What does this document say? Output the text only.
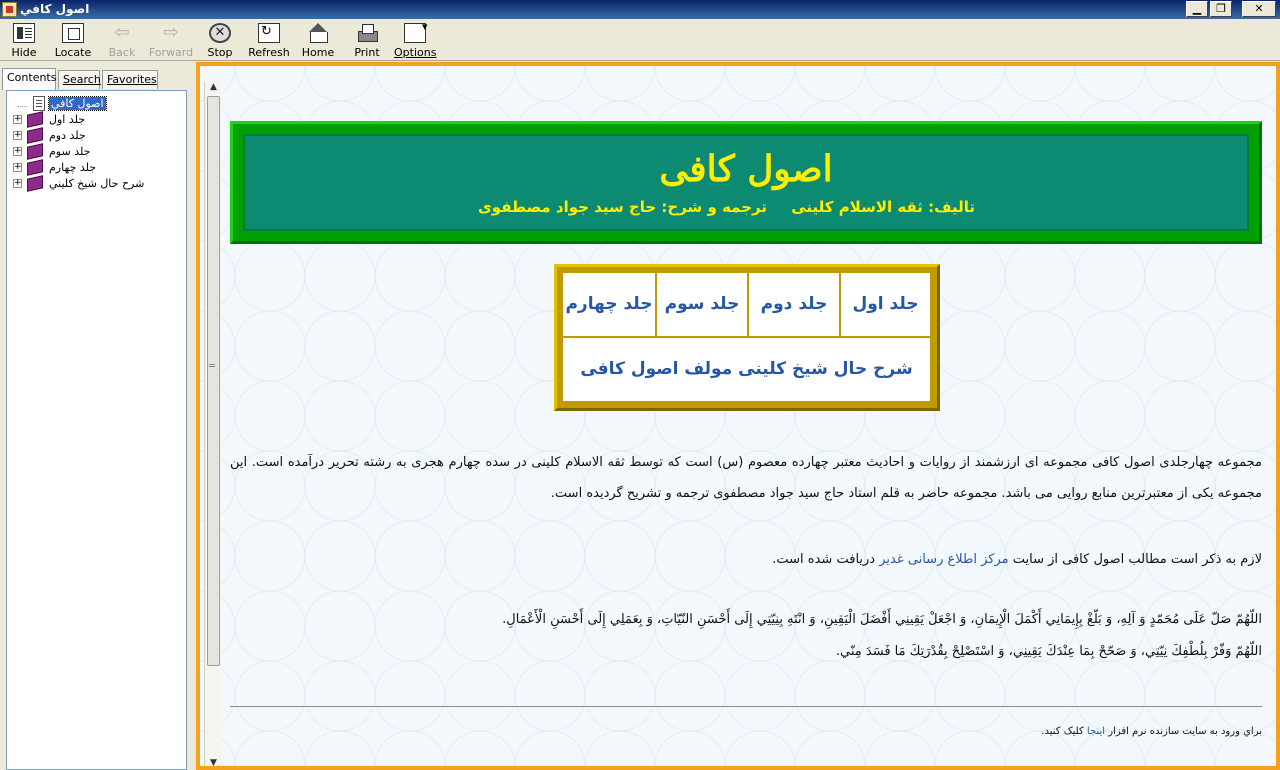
اصول كافي	▁	❐	✕
Hide	Locate
⇦
Back
⇨
Forward
✕
Stop
↻	Refresh Home	Print
▾	Options
Contents Search Favorites
اصول كافي
+ جلد اول
+ جلد دوم
+ جلد سوم
+ جلد چهارم
+ شرح حال شيخ كليني
▲
═
▼
اصول كافى
تاليف: ثقه الاسلام كلينى
ترجمه و شرح: حاج سيد جواد مصطفوى
جلد اول
جلد دوم
جلد سوم
جلد چهارم
شرح حال شيخ كلينى مولف اصول كافى
مجموعه چهارجلدی اصول کافی مجموعه ای ارزشمند از روایات و احادیث معتبر چهارده معصوم (س) است که توسط ثقه الاسلام کلینی در سده چهارم هجری به رشته تحریر درآمده است. این مجموعه یکی از معتبرترین منابع روایی می باشد. مجموعه حاضر به قلم استاد حاج سید جواد مصطفوی ترجمه و تشریح گردیده است.
لازم به ذکر است مطالب اصول کافی از سایت مركز اطلاع رسانی غدیر دریافت شده است.
اللّهُمّ صَلّ عَلَى مُحَمّدٍ وَ آلِهِ، وَ بَلّغْ بِإِيمَانِي أَكْمَلَ الْإِيمَانِ، وَ اجْعَلْ يَقِينِي أَفْضَلَ الْيَقِينِ، وَ انْتَهِ بِنِيّتِي إِلَى أَحْسَنِ النّيّاتِ، وَ بِعَمَلِي إِلَى أَحْسَنِ الْأَعْمَالِ.
اللّهُمّ وَفّرْ بِلُطْفِكَ نِيّتِي، وَ صَحّحْ بِمَا عِنْدَكَ يَقِينِي، وَ اسْتَصْلِحْ بِقُدْرَتِكَ مَا فَسَدَ مِنّي.
براي ورود به سايت سازنده نرم افزار اينجا كليک كنيد.
